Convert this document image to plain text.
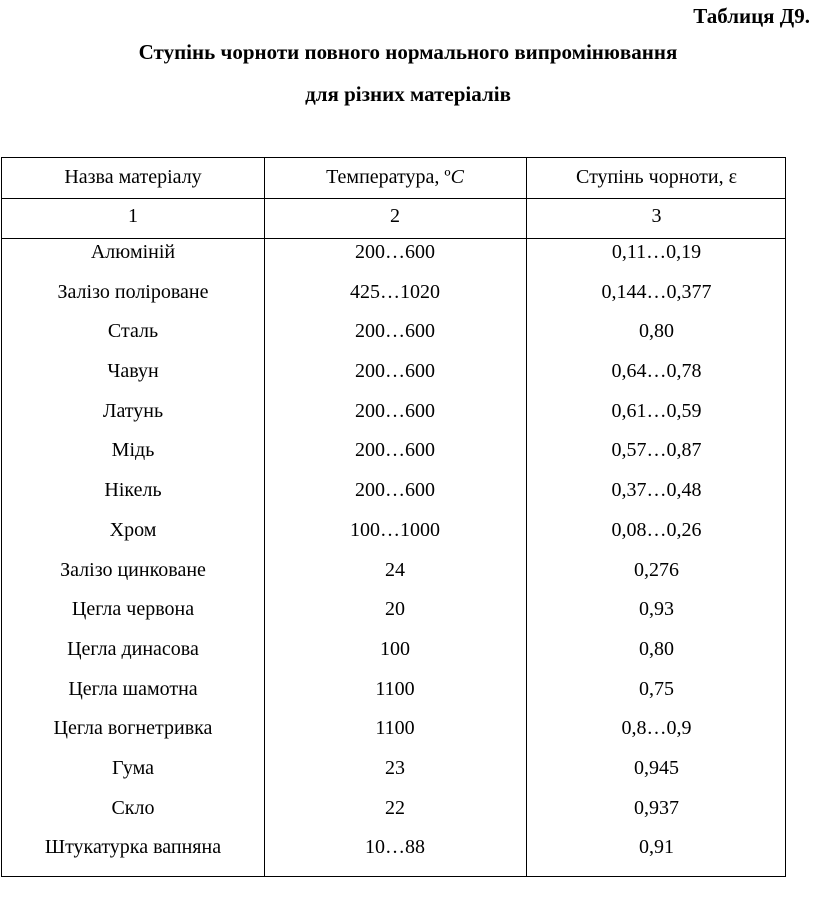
Таблиця Д9.
Ступінь чорноти повного нормального випромінювання
для різних матеріалів
Назва матеріалу	Температура, ºC	Ступінь чорноти, ε
1	2	3
Алюміній	200…600	0,11…0,19
Залізо поліроване	425…1020	0,144…0,377
Сталь	200…600	0,80
Чавун	200…600	0,64…0,78
Латунь	200…600	0,61…0,59
Мідь	200…600	0,57…0,87
Нікель	200…600	0,37…0,48
Хром	100…1000	0,08…0,26
Залізо цинковане	24	0,276
Цегла червона	20	0,93
Цегла динасова	100	0,80
Цегла шамотна	1100	0,75
Цегла вогнетривка	1100	0,8…0,9
Гума	23	0,945
Скло	22	0,937
Штукатурка вапняна	10…88	0,91
